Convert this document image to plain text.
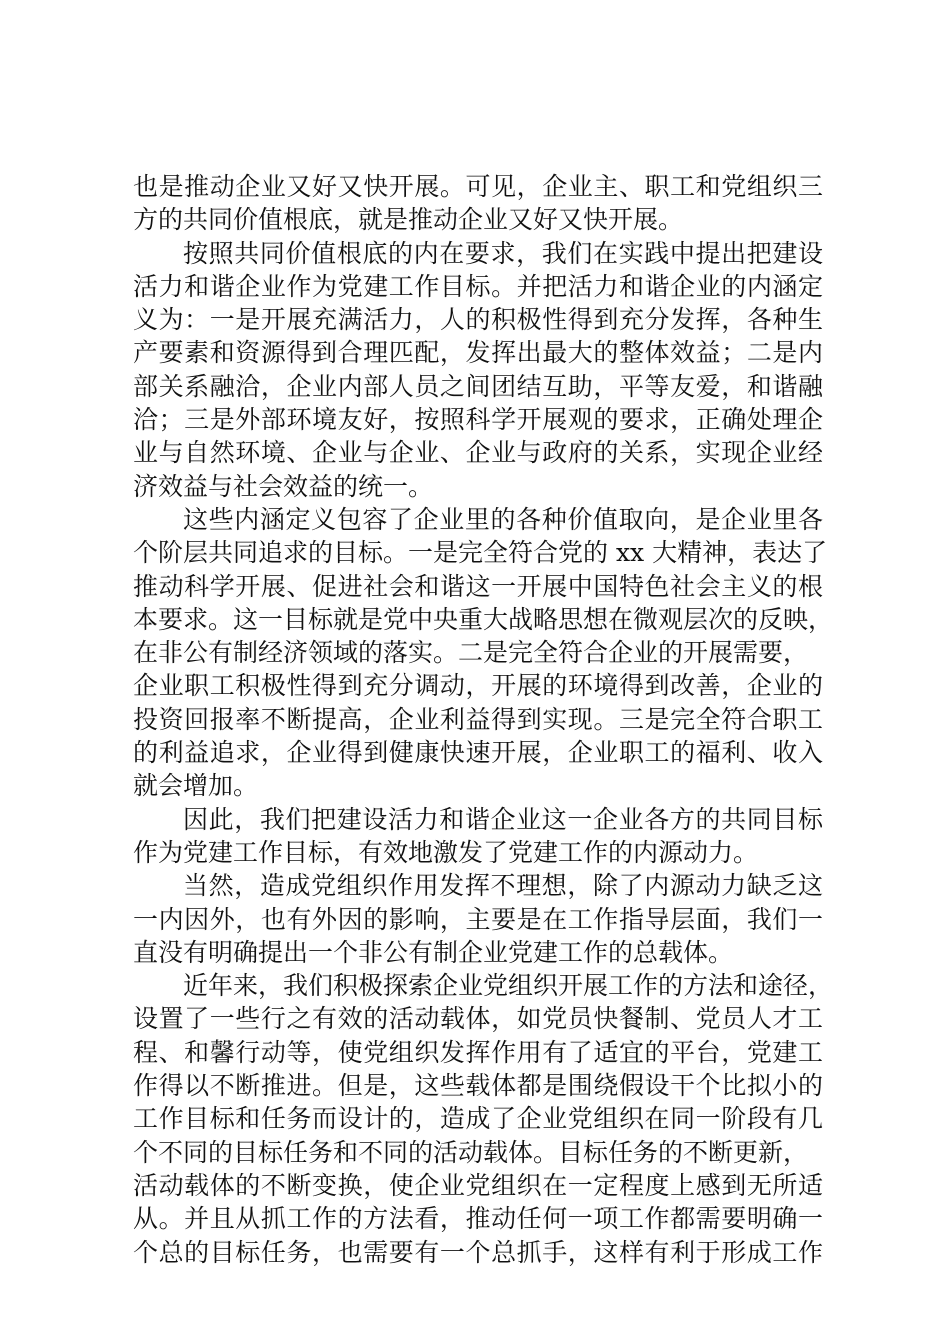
也是推动企业又好又快开展。可见，企业主、职工和党组织三
方的共同价值根底，就是推动企业又好又快开展。
按照共同价值根底的内在要求，我们在实践中提出把建设
活力和谐企业作为党建工作目标。并把活力和谐企业的内涵定
义为：一是开展充满活力，人的积极性得到充分发挥，各种生
产要素和资源得到合理匹配，发挥出最大的整体效益；二是内
部关系融洽，企业内部人员之间团结互助，平等友爱，和谐融
洽；三是外部环境友好，按照科学开展观的要求，正确处理企
业与自然环境、企业与企业、企业与政府的关系，实现企业经
济效益与社会效益的统一。
这些内涵定义包容了企业里的各种价值取向，是企业里各
个阶层共同追求的目标。一是完全符合党的 xx 大精神，表达了
推动科学开展、促进社会和谐这一开展中国特色社会主义的根
本要求。这一目标就是党中央重大战略思想在微观层次的反映，
在非公有制经济领域的落实。二是完全符合企业的开展需要，
企业职工积极性得到充分调动，开展的环境得到改善，企业的
投资回报率不断提高，企业利益得到实现。三是完全符合职工
的利益追求，企业得到健康快速开展，企业职工的福利、收入
就会增加。
因此，我们把建设活力和谐企业这一企业各方的共同目标
作为党建工作目标，有效地激发了党建工作的内源动力。
当然，造成党组织作用发挥不理想，除了内源动力缺乏这
一内因外，也有外因的影响，主要是在工作指导层面，我们一
直没有明确提出一个非公有制企业党建工作的总载体。
近年来，我们积极探索企业党组织开展工作的方法和途径，
设置了一些行之有效的活动载体，如党员快餐制、党员人才工
程、和馨行动等，使党组织发挥作用有了适宜的平台，党建工
作得以不断推进。但是，这些载体都是围绕假设干个比拟小的
工作目标和任务而设计的，造成了企业党组织在同一阶段有几
个不同的目标任务和不同的活动载体。目标任务的不断更新，
活动载体的不断变换，使企业党组织在一定程度上感到无所适
从。并且从抓工作的方法看，推动任何一项工作都需要明确一
个总的目标任务，也需要有一个总抓手，这样有利于形成工作
